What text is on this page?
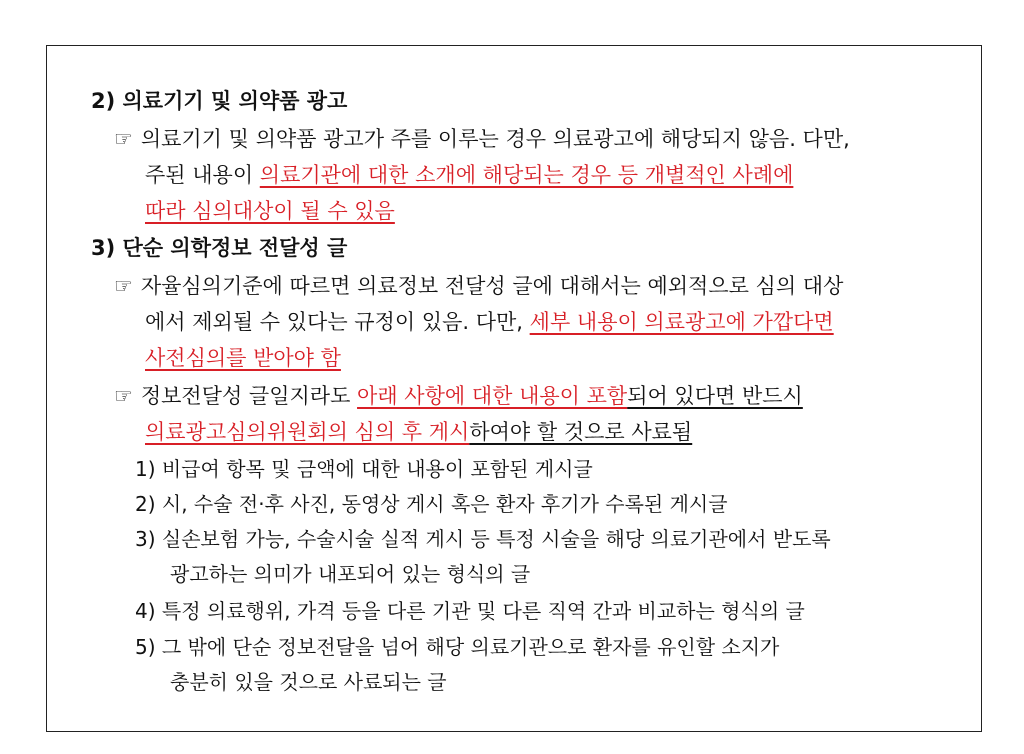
2) 의료기기 및 의약품 광고
☞ 의료기기 및 의약품 광고가 주를 이루는 경우 의료광고에 해당되지 않음. 다만,
주된 내용이 의료기관에 대한 소개에 해당되는 경우 등 개별적인 사례에
따라 심의대상이 될 수 있음
3) 단순 의학정보 전달성 글
☞ 자율심의기준에 따르면 의료정보 전달성 글에 대해서는 예외적으로 심의 대상
에서 제외될 수 있다는 규정이 있음. 다만, 세부 내용이 의료광고에 가깝다면
사전심의를 받아야 함
☞ 정보전달성 글일지라도 아래 사항에 대한 내용이 포함되어 있다면 반드시
의료광고심의위원회의 심의 후 게시하여야 할 것으로 사료됨
1) 비급여 항목 및 금액에 대한 내용이 포함된 게시글
2) 시, 수술 전·후 사진, 동영상 게시 혹은 환자 후기가 수록된 게시글
3) 실손보험 가능, 수술시술 실적 게시 등 특정 시술을 해당 의료기관에서 받도록
광고하는 의미가 내포되어 있는 형식의 글
4) 특정 의료행위, 가격 등을 다른 기관 및 다른 직역 간과 비교하는 형식의 글
5) 그 밖에 단순 정보전달을 넘어 해당 의료기관으로 환자를 유인할 소지가
충분히 있을 것으로 사료되는 글
